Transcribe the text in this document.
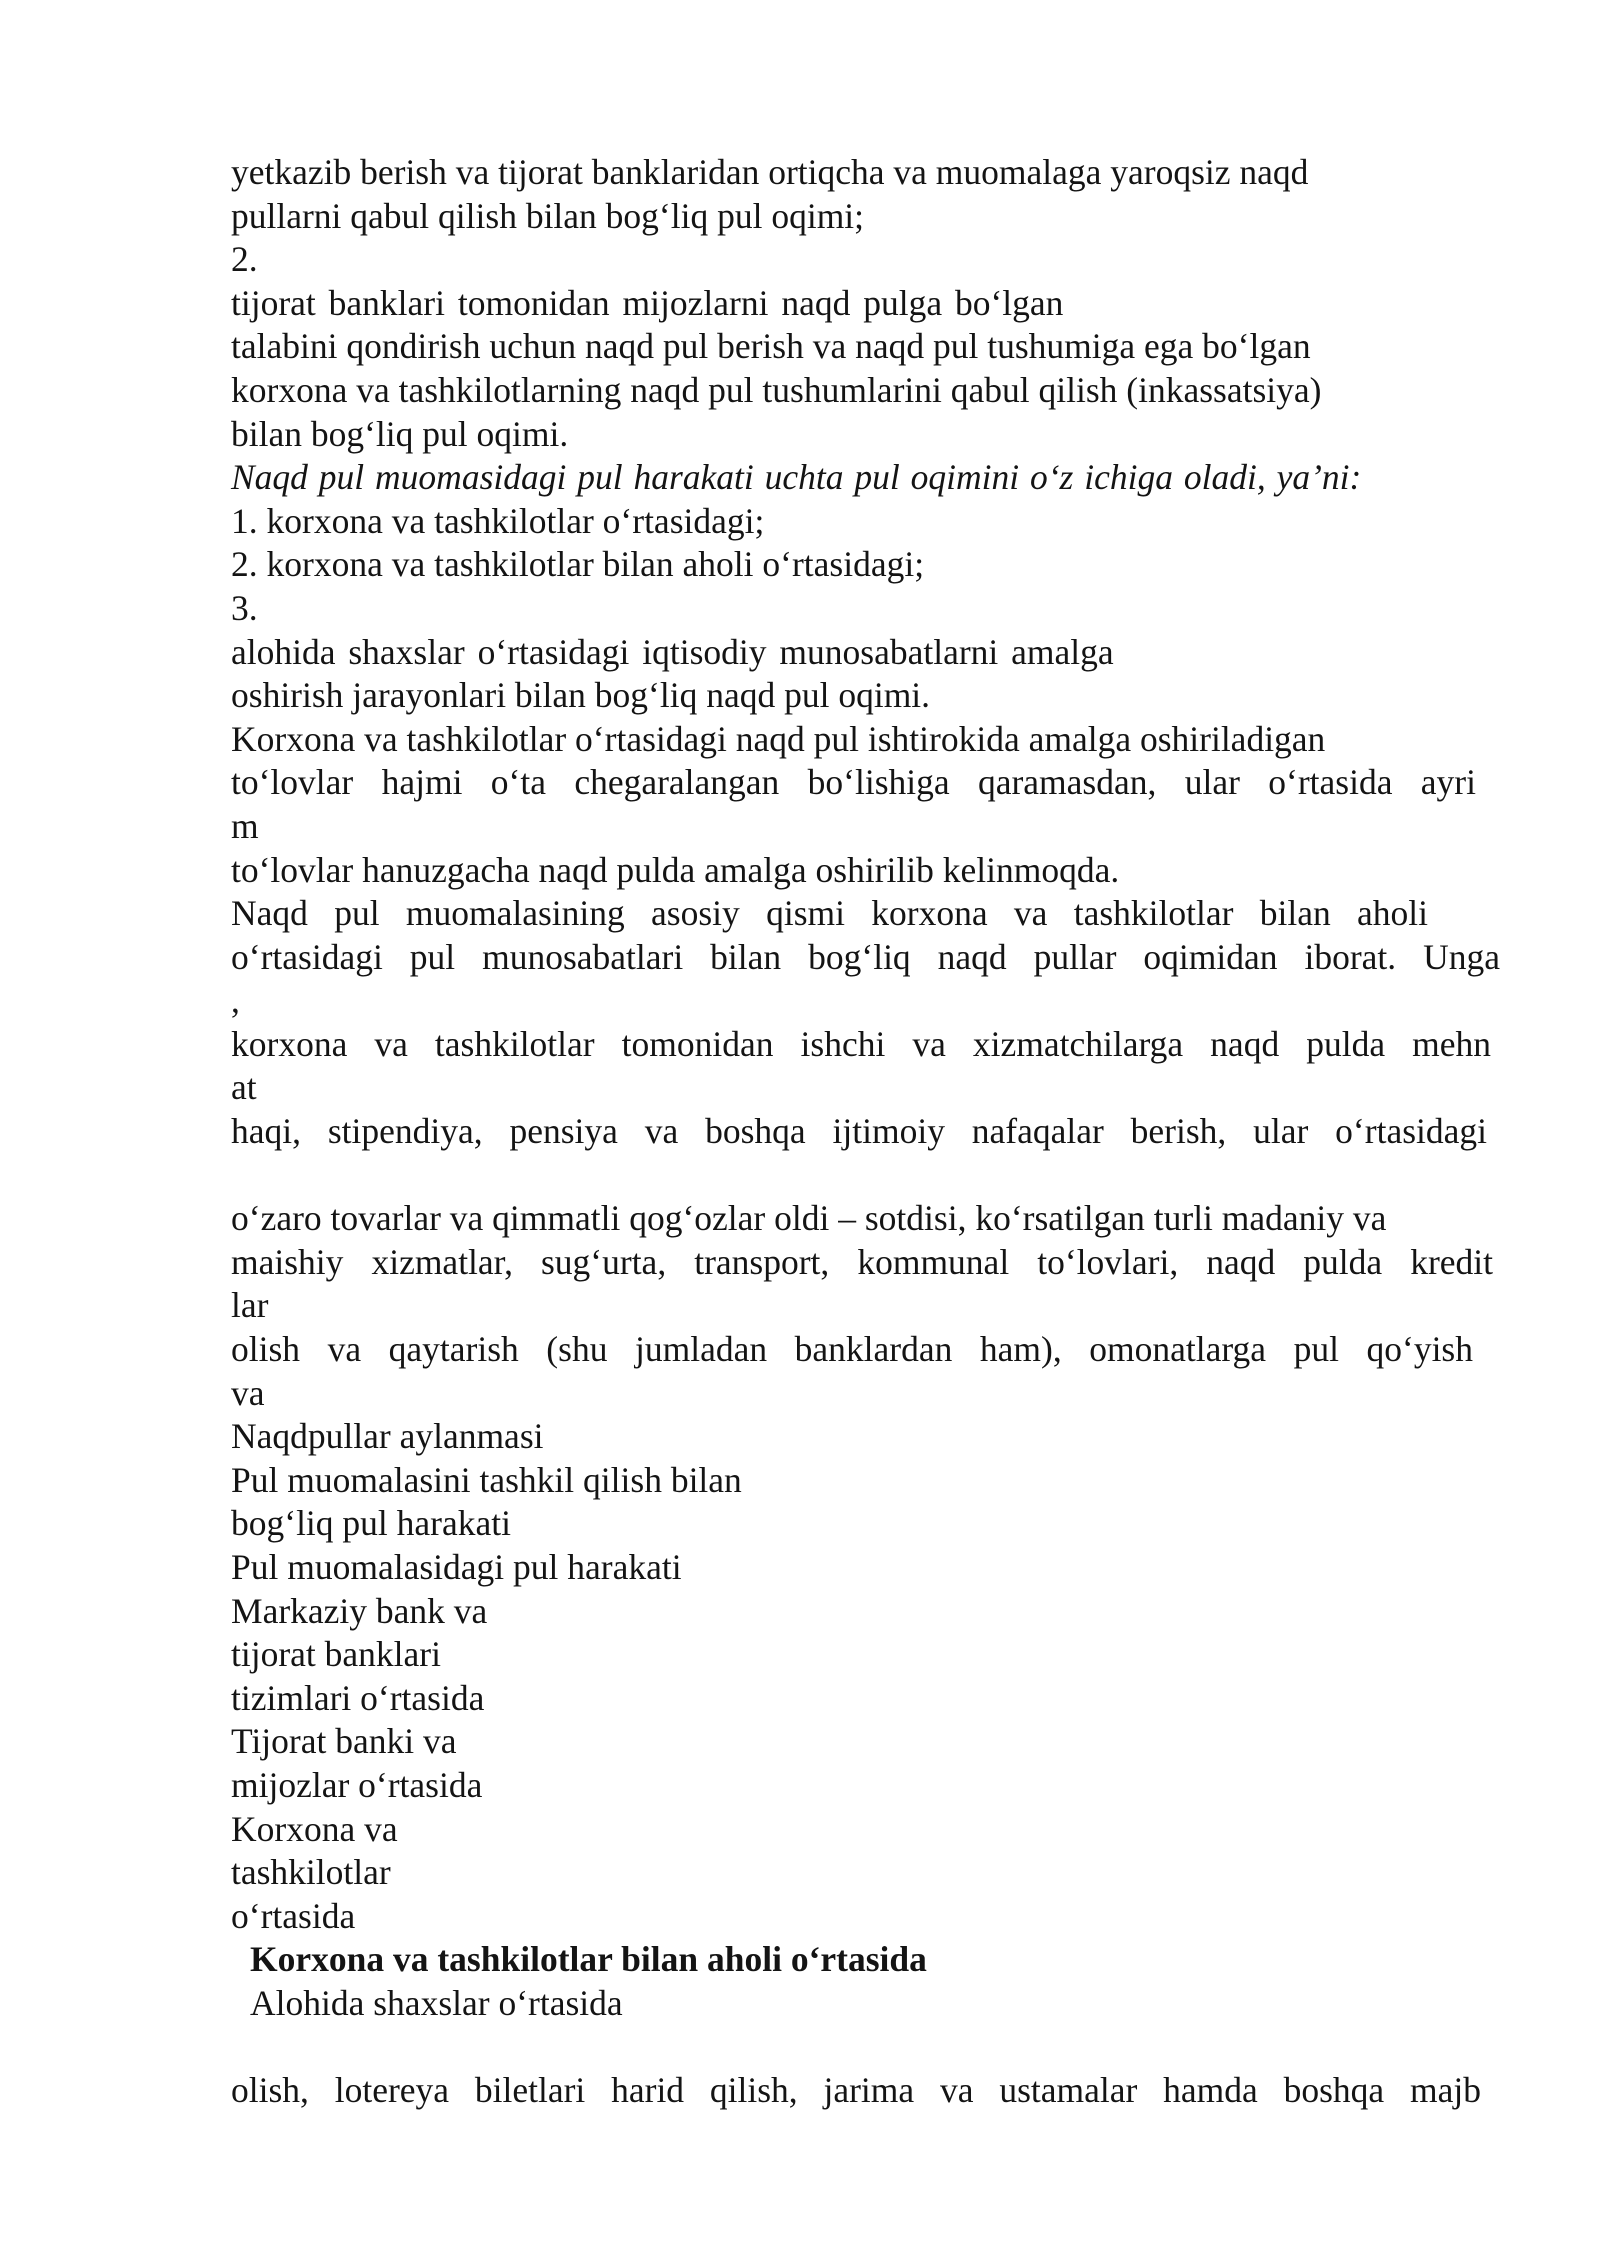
yetkazib berish va tijorat banklaridan ortiqcha va muomalaga yaroqsiz naqd
pullarni qabul qilish bilan bog‘liq pul oqimi;
2.
tijorat banklari tomonidan mijozlarni naqd pulga bo‘lgan
talabini qondirish uchun naqd pul berish va naqd pul tushumiga ega bo‘lgan
korxona va tashkilotlarning naqd pul tushumlarini qabul qilish (inkassatsiya)
bilan bog‘liq pul oqimi.
Naqd pul muomasidagi pul harakati uchta pul oqimini o‘z ichiga oladi, ya’ni:
1. korxona va tashkilotlar o‘rtasidagi;
2. korxona va tashkilotlar bilan aholi o‘rtasidagi;
3.
alohida shaxslar o‘rtasidagi iqtisodiy munosabatlarni amalga
oshirish jarayonlari bilan bog‘liq naqd pul oqimi.
Korxona va tashkilotlar o‘rtasidagi naqd pul ishtirokida amalga oshiriladigan
to‘lovlar hajmi o‘ta chegaralangan bo‘lishiga qaramasdan, ular o‘rtasida ayri
m
to‘lovlar hanuzgacha naqd pulda amalga oshirilib kelinmoqda.
Naqd pul muomalasining asosiy qismi korxona va tashkilotlar bilan aholi
o‘rtasidagi pul munosabatlari bilan bog‘liq naqd pullar oqimidan iborat. Unga
,
korxona va tashkilotlar tomonidan ishchi va xizmatchilarga naqd pulda mehn
at
haqi, stipendiya, pensiya va boshqa ijtimoiy nafaqalar berish, ular o‘rtasidagi
o‘zaro tovarlar va qimmatli qog‘ozlar oldi – sotdisi, ko‘rsatilgan turli madaniy va
maishiy xizmatlar, sug‘urta, transport, kommunal to‘lovlari, naqd pulda kredit
lar
olish va qaytarish (shu jumladan banklardan ham), omonatlarga pul qo‘yish
va
Naqdpullar aylanmasi
Pul muomalasini tashkil qilish bilan
bog‘liq pul harakati
Pul muomalasidagi pul harakati
Markaziy bank va
tijorat banklari
tizimlari o‘rtasida
Tijorat banki va
mijozlar o‘rtasida
Korxona va
tashkilotlar
o‘rtasida
Korxona va tashkilotlar bilan aholi o‘rtasida
Alohida shaxslar o‘rtasida
olish, lotereya biletlari harid qilish, jarima va ustamalar hamda boshqa majb
